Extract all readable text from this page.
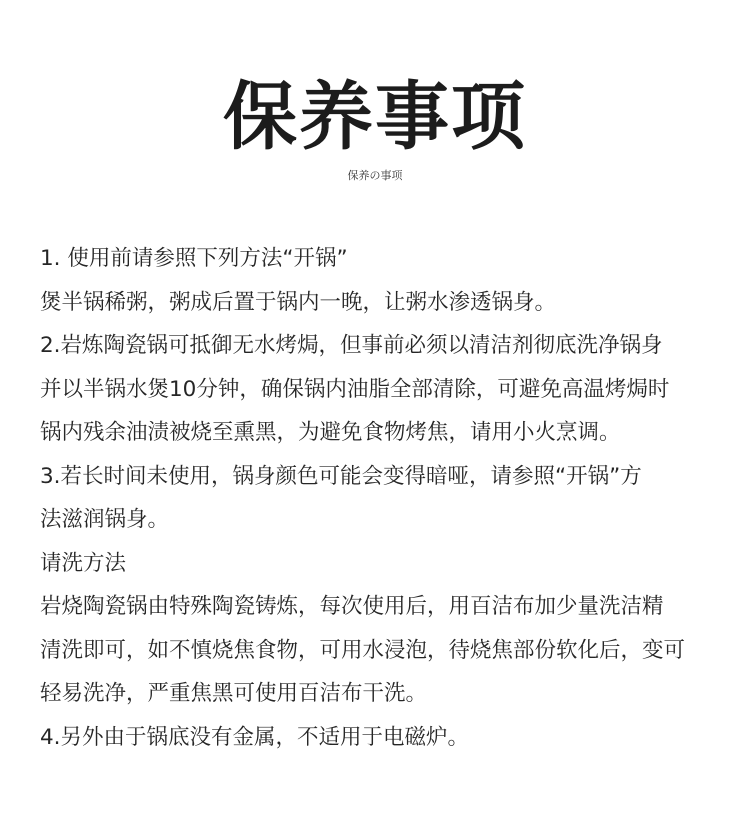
保养事项
保养の事项

1. 使用前请参照下列方法“开锅”

煲半锅稀粥，粥成后置于锅内一晚，让粥水渗透锅身。

2.岩炼陶瓷锅可抵御无水烤焗，但事前必须以清洁剂彻底洗净锅身

并以半锅水煲10分钟，确保锅内油脂全部清除，可避免高温烤焗时

锅内残余油渍被烧至熏黑，为避免食物烤焦，请用小火烹调。

3.若长时间未使用，锅身颜色可能会变得暗哑，请参照“开锅”方

法滋润锅身。

请洗方法

岩烧陶瓷锅由特殊陶瓷铸炼，每次使用后，用百洁布加少量洗洁精

清洗即可，如不慎烧焦食物，可用水浸泡，待烧焦部份软化后，变可

轻易洗净，严重焦黑可使用百洁布干洗。

4.另外由于锅底没有金属，不适用于电磁炉。
